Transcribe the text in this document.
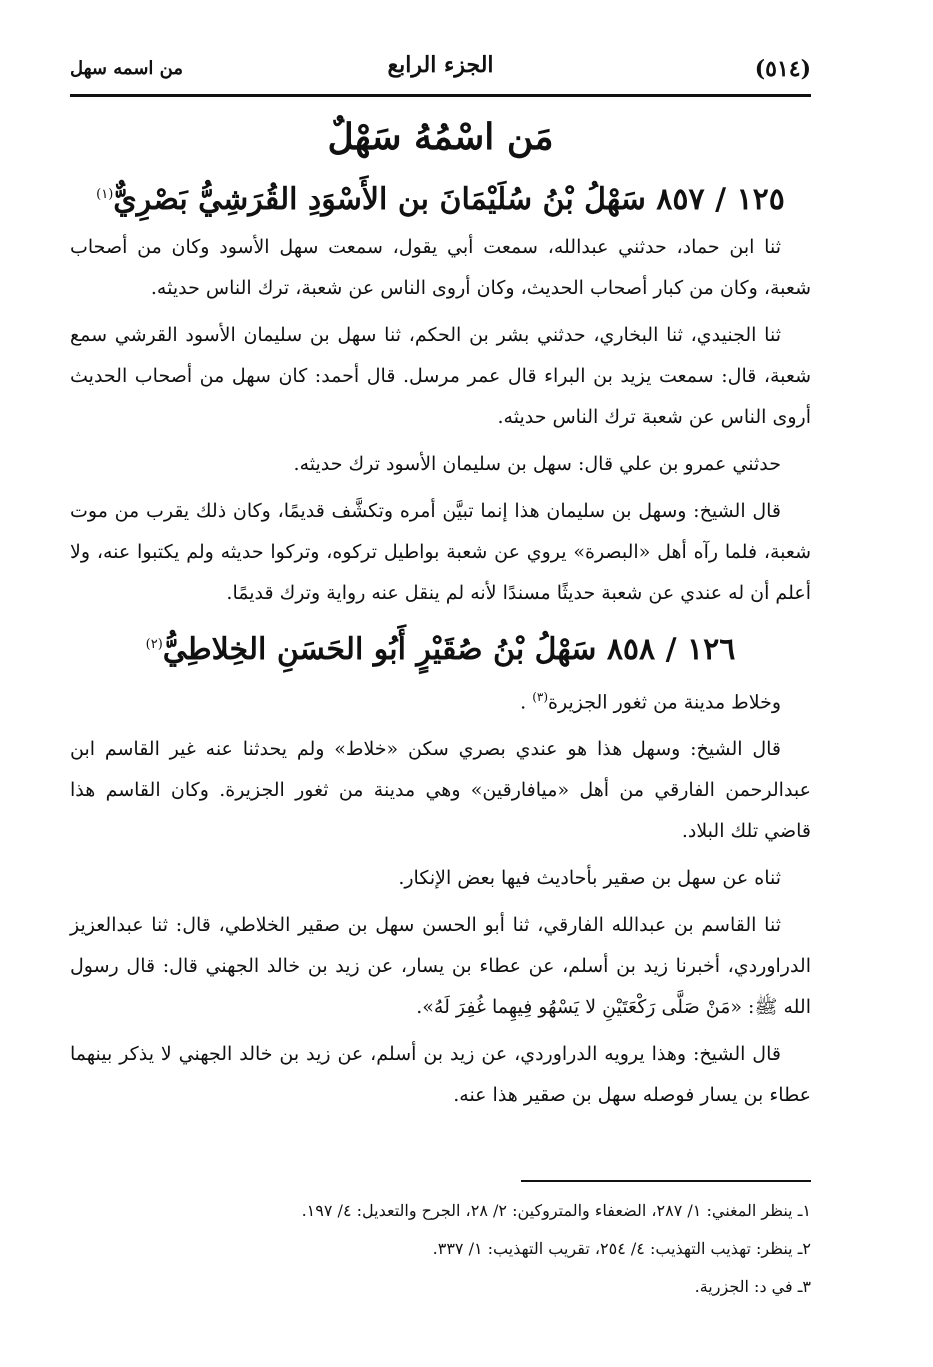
(٥١٤)
الجزء الرابع
من اسمه سهل
مَن اسْمُهُ سَهْلٌ
١٢٥ / ٨٥٧ سَهْلُ بْنُ سُلَيْمَانَ بن الأَسْوَدِ القُرَشِيُّ بَصْرِيٌّ$^{(١)}$

ثنا ابن حماد، حدثني عبدالله، سمعت أبي يقول، سمعت سهل الأسود وكان من أصحاب شعبة، وكان من كبار أصحاب الحديث، وكان أروى الناس عن شعبة، ترك الناس حديثه.

ثنا الجنيدي، ثنا البخاري، حدثني بشر بن الحكم، ثنا سهل بن سليمان الأسود القرشي سمع شعبة، قال: سمعت يزيد بن البراء قال عمر مرسل. قال أحمد: كان سهل من أصحاب الحديث أروى الناس عن شعبة ترك الناس حديثه.

حدثني عمرو بن علي قال: سهل بن سليمان الأسود ترك حديثه.

قال الشيخ: وسهل بن سليمان هذا إنما تبيَّن أمره وتكشَّف قديمًا، وكان ذلك يقرب من موت شعبة، فلما رآه أهل «البصرة» يروي عن شعبة بواطيل تركوه، وتركوا حديثه ولم يكتبوا عنه، ولا أعلم أن له عندي عن شعبة حديثًا مسندًا لأنه لم ينقل عنه رواية وترك قديمًا.

١٢٦ / ٨٥٨ سَهْلُ بْنُ صُقَيْرٍ أَبُو الحَسَنِ الخِلاطِيُّ$^{(٢)}$

وخلاط مدينة من ثغور الجزيرة$^{(٣)}$ .

قال الشيخ: وسهل هذا هو عندي بصري سكن «خلاط» ولم يحدثنا عنه غير القاسم ابن عبدالرحمن الفارقي من أهل «ميافارقين» وهي مدينة من ثغور الجزيرة. وكان القاسم هذا قاضي تلك البلاد.

ثناه عن سهل بن صقير بأحاديث فيها بعض الإنكار.

ثنا القاسم بن عبدالله الفارقي، ثنا أبو الحسن سهل بن صقير الخلاطي، قال: ثنا عبدالعزيز الدراوردي، أخبرنا زيد بن أسلم، عن عطاء بن يسار، عن زيد بن خالد الجهني قال: قال رسول الله ﷺ: «مَنْ صَلَّى رَكْعَتَيْنِ لا يَسْهُو فِيهِما غُفِرَ لَهُ».

قال الشيخ: وهذا يرويه الدراوردي، عن زيد بن أسلم، عن زيد بن خالد الجهني لا يذكر بينهما عطاء بن يسار فوصله سهل بن صقير هذا عنه.

١ـ ينظر المغني: ١/ ٢٨٧، الضعفاء والمتروكين: ٢/ ٢٨، الجرح والتعديل: ٤/ ١٩٧.

٢ـ ينظر: تهذيب التهذيب: ٤/ ٢٥٤، تقريب التهذيب: ١/ ٣٣٧.

٣ـ في د: الجزرية.
